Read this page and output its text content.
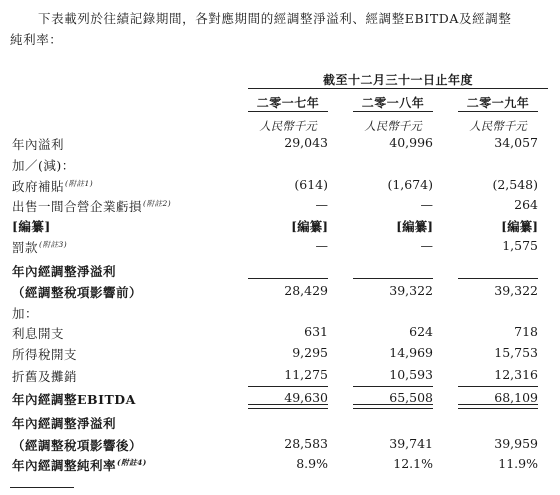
下表載列於往績記錄期間，各對應期間的經調整淨溢利、經調整EBITDA及經調整
純利率：
截至十二月三十一日止年度
二零一七年	二零一八年	二零一九年
人民幣千元	人民幣千元	人民幣千元
年內溢利	29,043	40,996	34,057
加／(減)：
政府補貼$^{(附註1)}$	(614)	(1,674)	(2,548)
出售一間合營企業虧損$^{(附註2)}$	—	—	264
[編纂]	[編纂]	[編纂]	[編纂]
罰款$^{(附註3)}$	—	—	1,575
年內經調整淨溢利
（經調整稅項影響前）	28,429	39,322	39,322
加：
利息開支	631	624	718
所得稅開支	9,295	14,969	15,753
折舊及攤銷	11,275	10,593	12,316
年內經調整EBITDA	49,630	65,508	68,109
年內經調整淨溢利
（經調整稅項影響後）	28,583	39,741	39,959
年內經調整純利率$^{(附註4)}$	8.9%	12.1%	11.9%
